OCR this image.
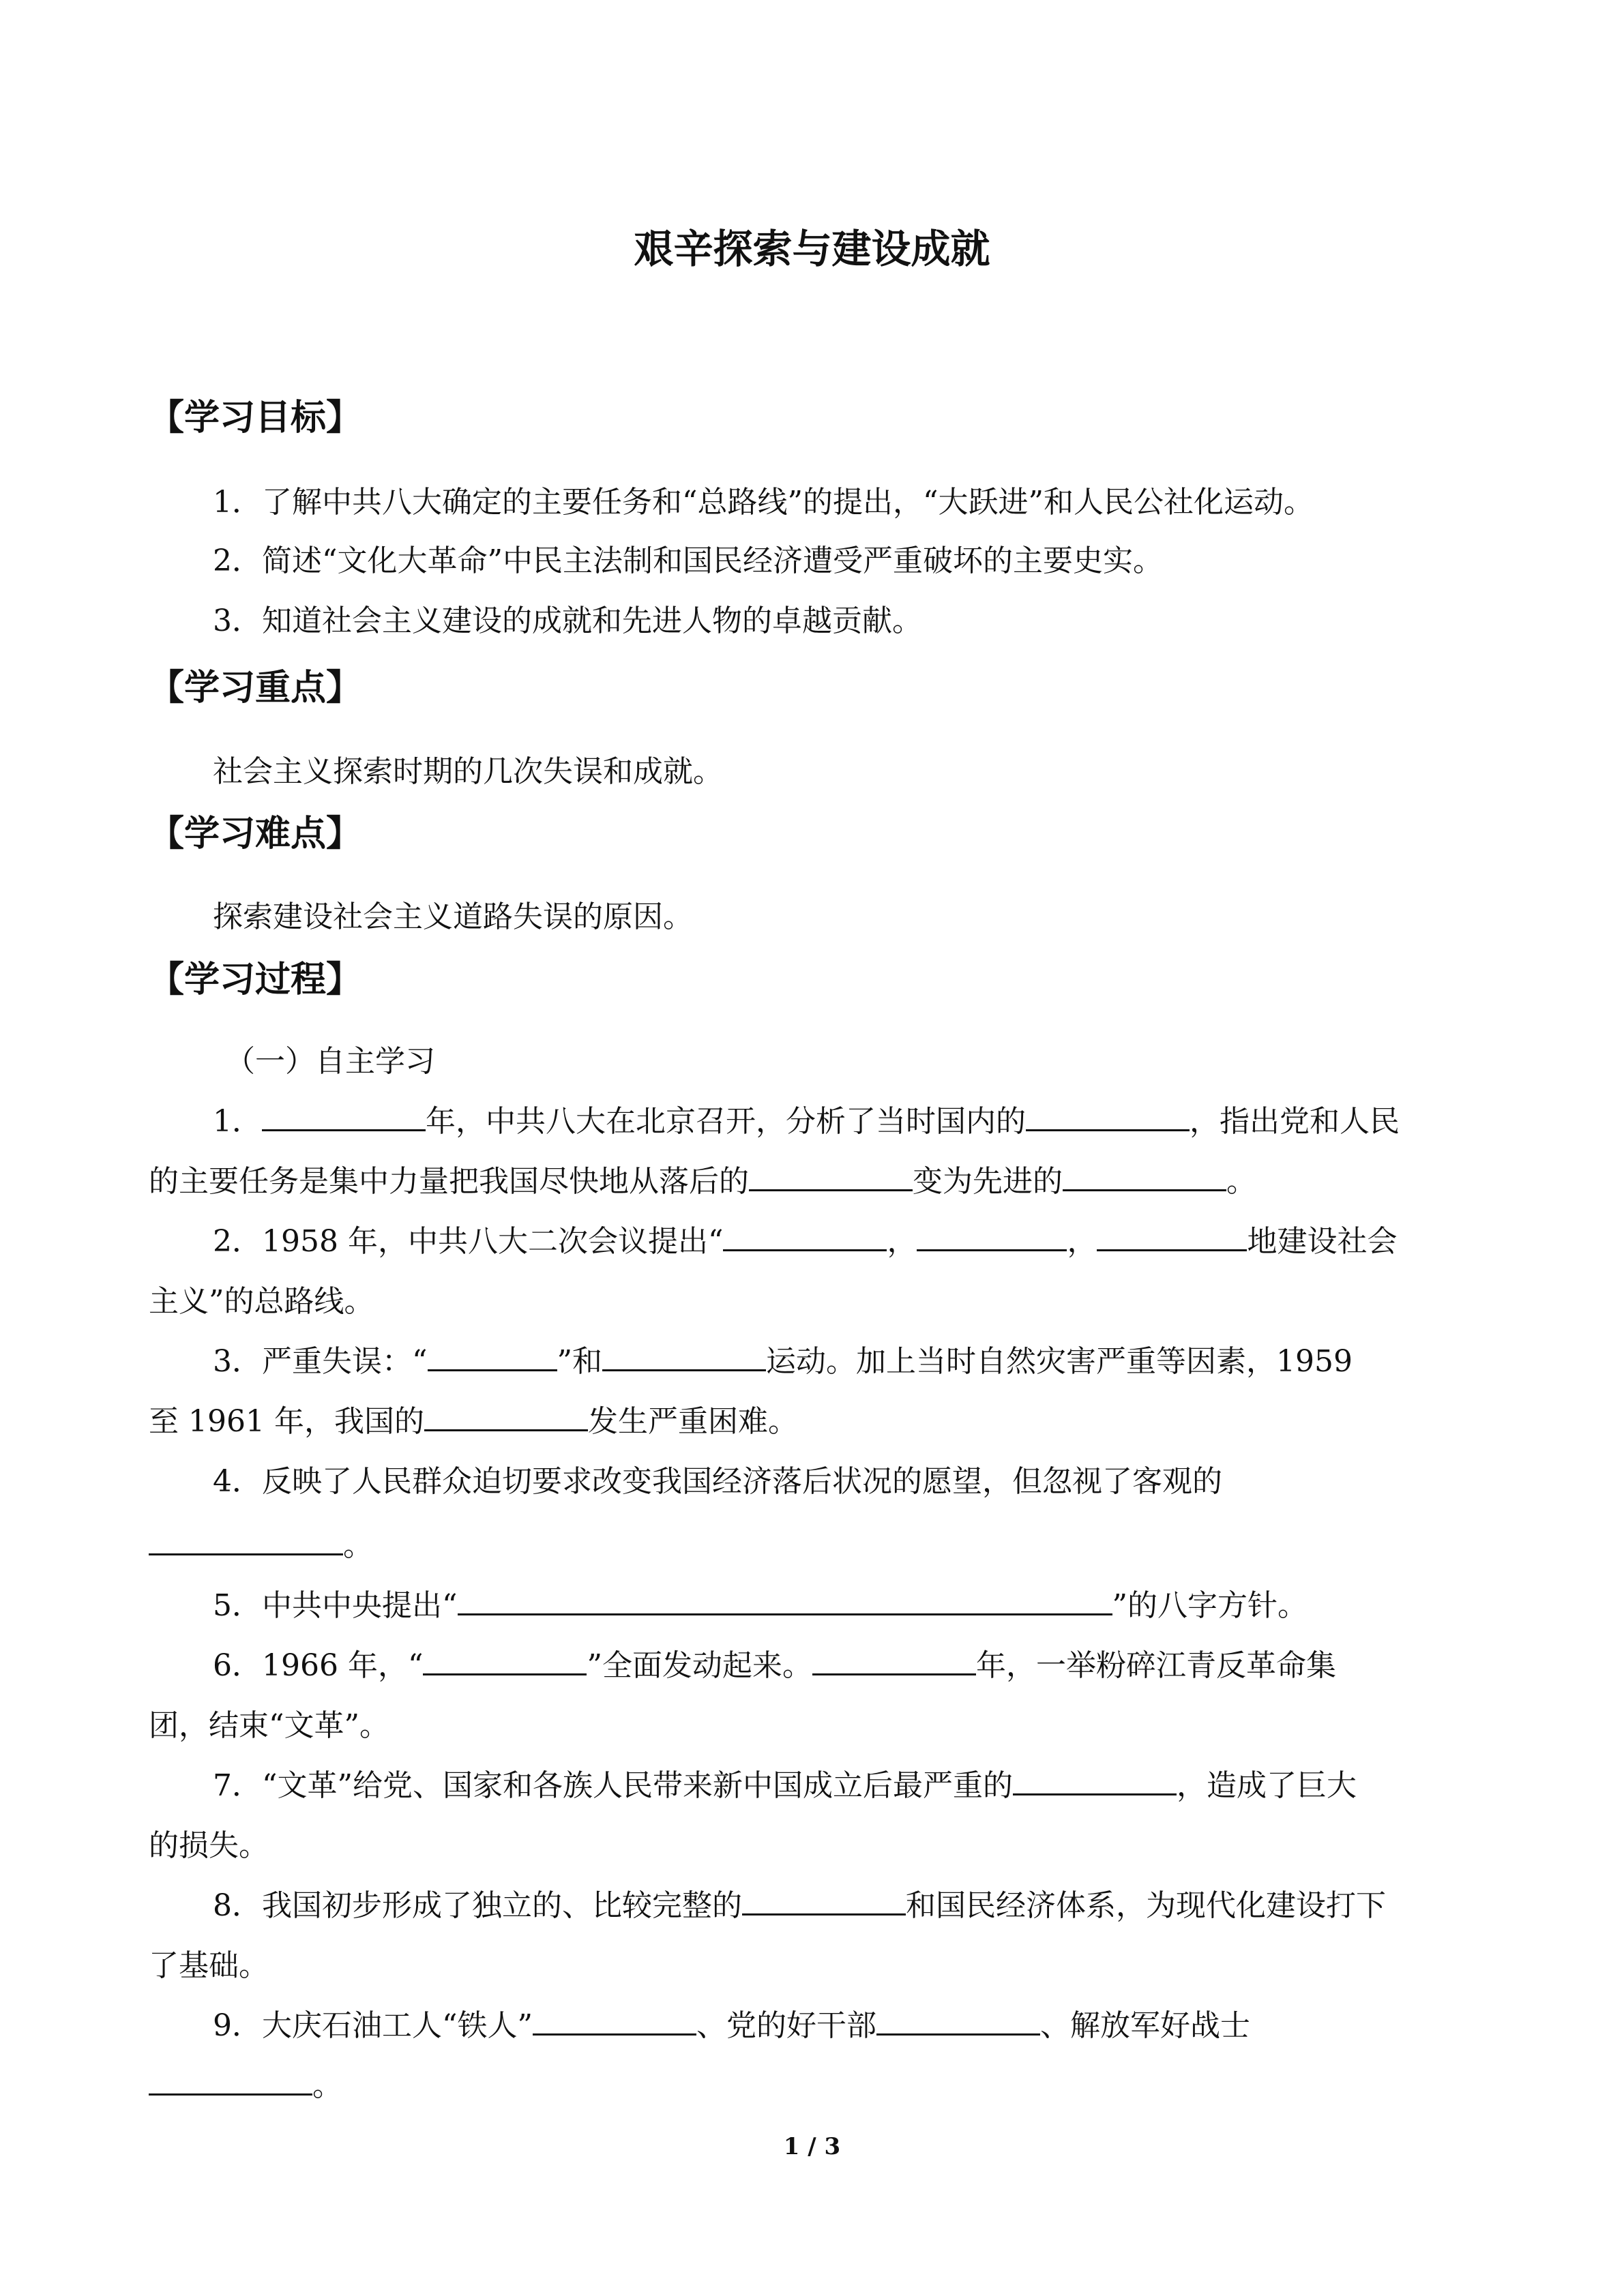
艰辛探索与建设成就
【学习目标】
1．了解中共八大确定的主要任务和“总路线”的提出，“大跃进”和人民公社化运动。
2．简述“文化大革命”中民主法制和国民经济遭受严重破坏的主要史实。
3．知道社会主义建设的成就和先进人物的卓越贡献。
【学习重点】
社会主义探索时期的几次失误和成就。
【学习难点】
探索建设社会主义道路失误的原因。
【学习过程】
（一）自主学习
1．	年，中共八大在北京召开，分析了当时国内的	，指出党和人民
的主要任务是集中力量把我国尽快地从落后的	变为先进的	。
2．1958 年，中共八大二次会议提出“	，	，	地建设社会
主义”的总路线。
3．严重失误：“	”和	运动。加上当时自然灾害严重等因素，1959
至 1961 年，我国的	发生严重困难。
4．反映了人民群众迫切要求改变我国经济落后状况的愿望，但忽视了客观的
。
5．中共中央提出“	”的八字方针。
6．1966 年，“	”全面发动起来。	年，一举粉碎江青反革命集
团，结束“文革”。
7．“文革”给党、国家和各族人民带来新中国成立后最严重的	，造成了巨大
的损失。
8．我国初步形成了独立的、比较完整的	和国民经济体系，为现代化建设打下
了基础。
9．大庆石油工人“铁人”	、党的好干部	、解放军好战士
。
1 / 3
